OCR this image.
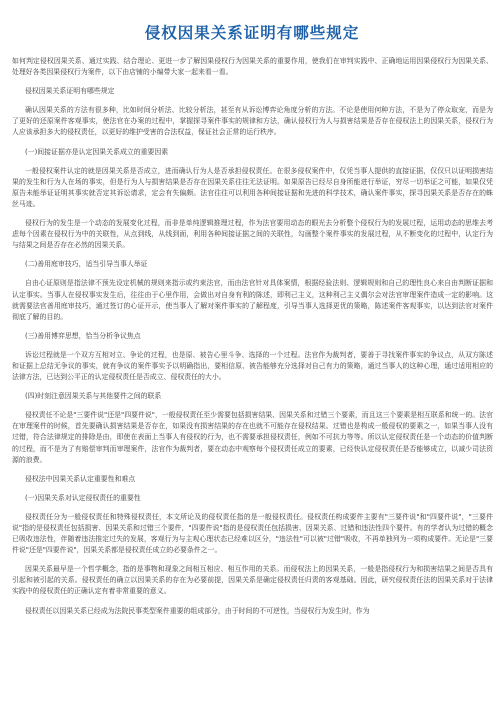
侵权因果关系证明有哪些规定

如何判定侵权因果关系、通过实践、结合理论、更进一步了解因果侵权行为因果关系的重要作用，使我们在审判实践中、正确地运用因果侵权行为因果关系、处理好各类因果侵权行为案件，以下由店铺的小编带大家一起来看一看。

侵权因果关系证明有哪些规定

确认因果关系的方法有很多种，比如时间分析法、比较分析法，甚至有从诉讼博弈论角度分析的方法。不论是使用何种方法，不是为了停众取宠，而是为了更好的还原案件客观事实，使法官在办案的过程中，掌握探寻案件事实的规律和方法，确认侵权行为人与损害结果是否存在侵权法上的因果关系，侵权行为人应该承担多大的侵权责任，以更好的维护受害的合法权益，保证社会正常的运行秩序。

(一)间接证据亦是认定因果关系成立的重要因素

一般侵权案件认定的就是因果关系是否成立，进而确认行为人是否承担侵权责任。在很多侵权案件中，仅凭当事人提供的直接证据，仅仅只以证明损害结果的发生和行为人在场的事实，但是行为人与损害结果是否存在因果关系往往无法证明。如果原告已经尽自身所能进行举证，穷尽一切举证之可能，如果仅凭原告未能举证证明其事实就否定其诉讼请求，定会有失偏颇。法官往往可以利用各种间接证据和先进的科学技术，确认案件事实，探寻因果关系是否存在的蛛丝马迹。

侵权行为的发生是一个动态的发展变化过程，而非是单纯逻辑推理过程，作为法官要用动态的眼光去分析整个侵权行为的发展过程，运用动态的思维去考虑每个因素在侵权行为中的关联性，从点到线，从线到面，利用各种间接证据之间的关联性，勾画整个案件事实的发展过程，从不断变化的过程中，认定行为与结果之间是否存在必然的因果关系。

(二)善用庭审技巧，适当引导当事人举证

自由心证原则是指法律不预先设定机械的规则来指示或约束法官，而由法官针对具体案情，根据经验法则、逻辑规则和自己的理性良心来自由判断证据和认定事实。当事人在侵权事实发生后，往往由于心里作用，会做出对自身有利的陈述，即利己主义，这种利己主义偶尔会对法官审理案件造成一定的影响。这就需要法官善用庭审技巧，通过签订的心证开示，使当事人了解对案件事实的了解程度，引导当事人选择更优的策略，陈述案件客观事实，以达到法官对案件彻底了解的目的。

(三)善用博弈思想，恰当分析争议焦点

诉讼过程就是一个双方互相对立、争论的过程，也是原、被告心里斗争、选择的一个过程。法官作为裁判者，要善于寻找案件事实的争议点，从双方陈述和证据上总结无争议的事实，就有争议的案件事实予以明确指出，要相信原、被告能够充分选择对自己有力的策略，通过当事人的这种心理，通过适用相应的法律方法，已达到公平正的认定侵权责任是否成立、侵权责任的大小。

(四)时刻注意因果关系与其他要件之间的联系

侵权责任不论是"三要件说"还是"四要件说"，一般侵权责任至少需要包括损害结果、因果关系和过错三个要素，而且这三个要素是相互联系和统一的。法官在审理案件的时候，首先要确认损害结果是否存在，如果没有损害结果的存在也就不可能存在侵权结果。过错也是构成一般侵权的要素之一，如果当事人没有过错，符合法律规定的排除是由，即使在表面上当事人有侵权的行为，也不需要承担侵权责任，例如不可抗力等等。所以认定侵权责任是一个动态的价值判断的过程，而不是为了有赔偿审判而审理案件，法官作为裁判者，要在动态中观察每个侵权责任成立的要素，已经快认定侵权责任是否能够成立，以减少司法资源的浪费。

侵权法中因果关系认定重要性和难点

(一)因果关系对认定侵权责任的重要性

侵权责任分为一般侵权责任和特殊侵权责任，本文所论及的侵权责任指的是一般侵权责任。侵权责任构成要件主要有"三要件说"和"四要件说"，"三要件说"指的是侵权责任包括损害、因果关系和过错三个要件，"四要件说"指的是侵权责任包括损害、因果关系、过错和违法性四个要件。有的学者认为过错的概念已吸收违法性，伴随着违法推定过失的发展，客观行为与主观心理状态已经难以区分，"违法性"可以被"过错"吸收，不再单独列为一项构成要件。无论是"三要件说"还是"四要件说"，因果关系都是侵权责任成立的必要条件之一。

因果关系最早是一个哲学概念，指的是事物和现象之间相互相应、相互作用的关系。而侵权法上的因果关系，一般是指侵权行为和损害结果之间是否具有引起和被引起的关系。侵权责任的确立以因果关系的存在为必要前提，因果关系是确定侵权责任归责的客观基础。因此，研究侵权责任法的因果关系对于法律实践中的侵权责任的正确认定有着非常重要的意义。

侵权责任以因果关系已经成为法院民事类型案件重要的组成部分，由于时间的不可逆性，当侵权行为发生时，作为
